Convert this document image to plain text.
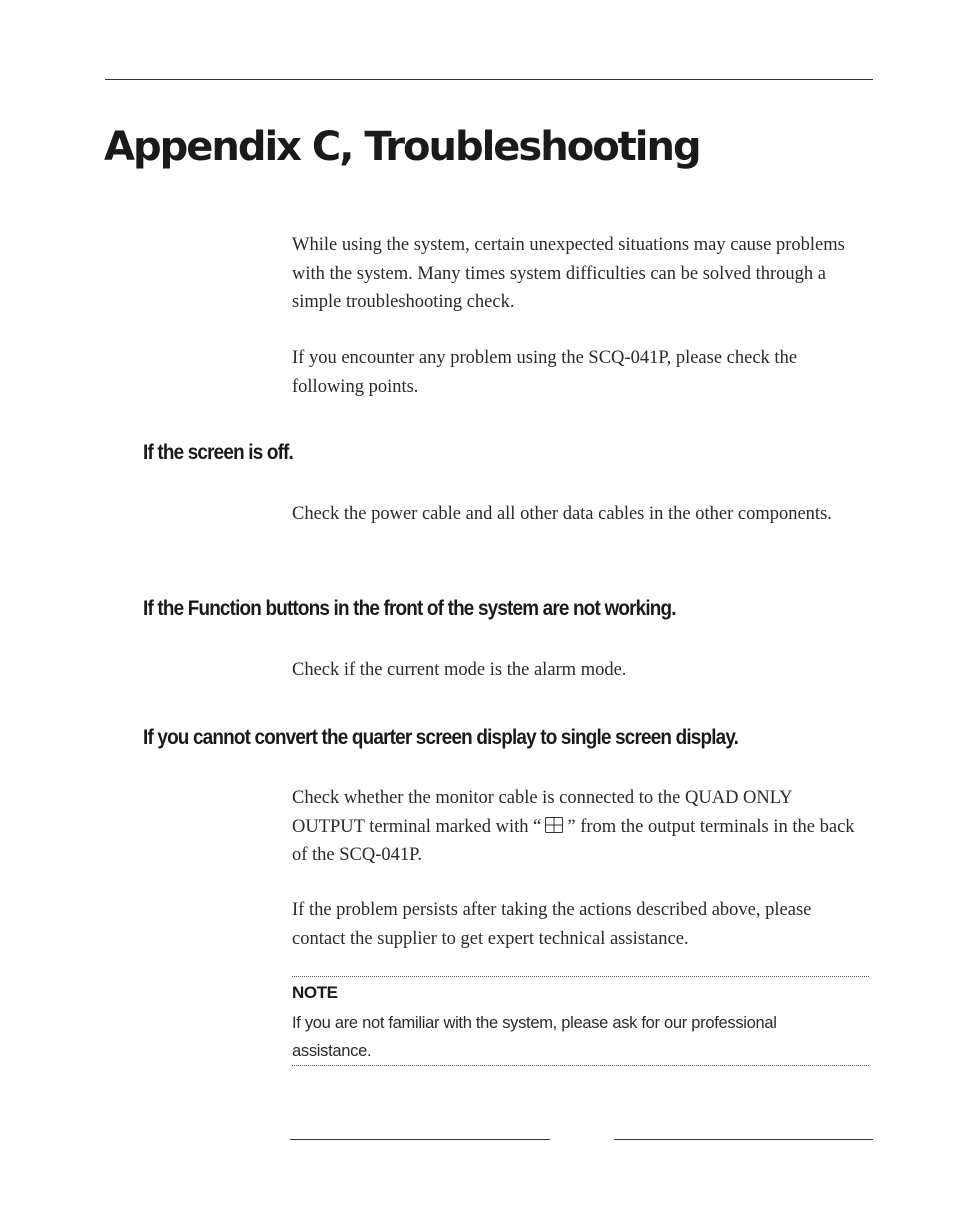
Appendix C, Troubleshooting

While using the system, certain unexpected situations may cause problems with the system. Many times system difficulties can be solved through a simple troubleshooting check.

If you encounter any problem using the SCQ-041P, please check the following points.

If the screen is off.

Check the power cable and all other data cables in the other components.

If the Function buttons in the front of the system are not working.

Check if the current mode is the alarm mode.

If you cannot convert the quarter screen display to single screen display.

Check whether the monitor cable is connected to the QUAD ONLY OUTPUT terminal marked with “ ” from the output terminals in the back of the SCQ-041P.

If the problem persists after taking the actions described above, please contact the supplier to get expert technical assistance.

NOTE

If you are not familiar with the system, please ask for our professional assistance.
